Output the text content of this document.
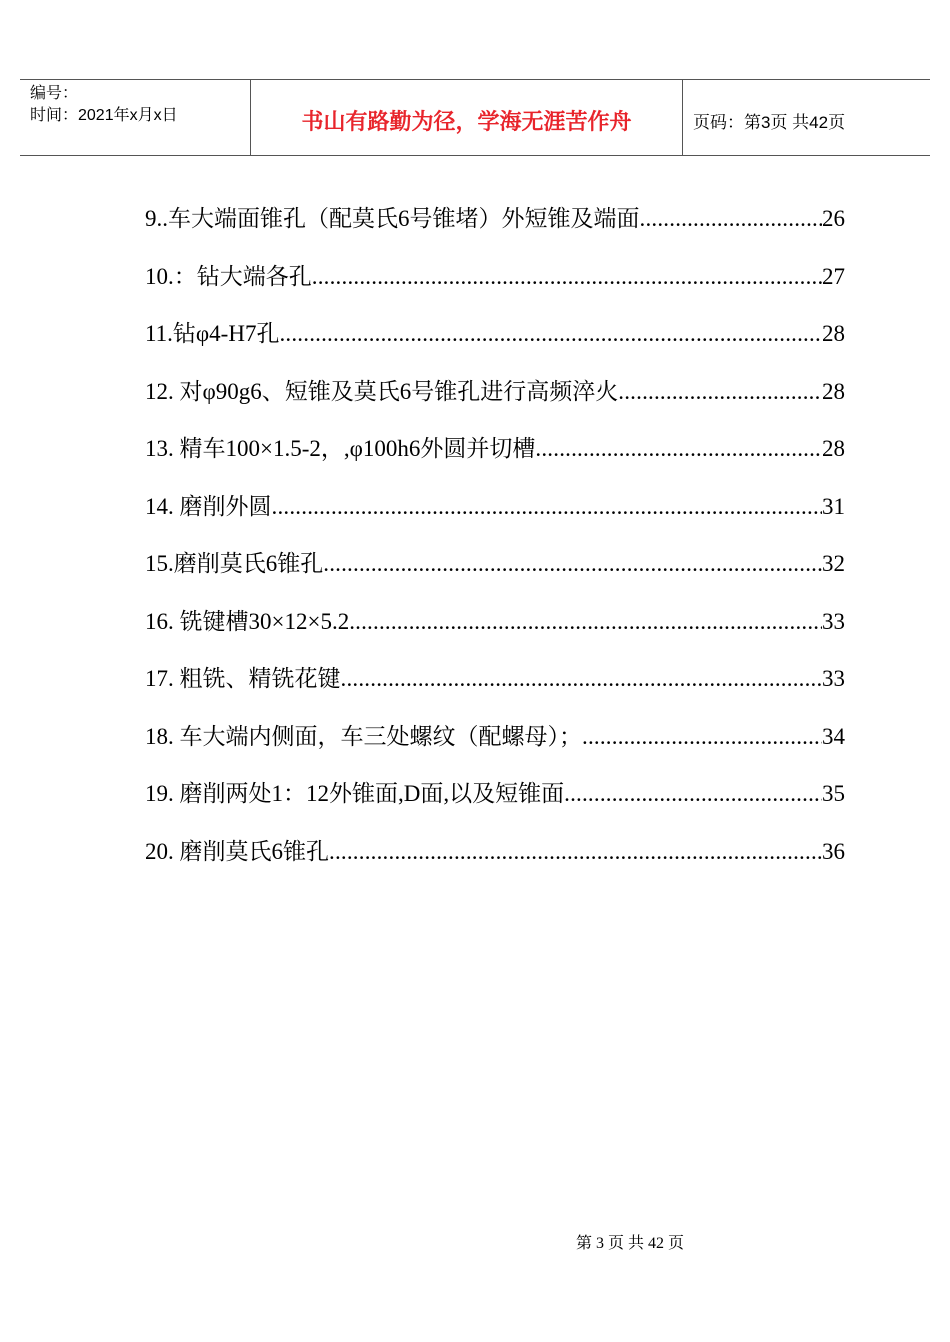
编号：
时间：2021年x月x日	书山有路勤为径，学海无涯苦作舟	页码：第3页 共42页
9..车大端面锥孔（配莫氏6号锥堵）外短锥及端面 .....	26
10.：钻大端各孔 .....	27
11.钻φ4-H7孔 .....	28
12. 对φ90g6、短锥及莫氏6号锥孔进行高频淬火 .....	28
13. 精车100×1.5-2，,φ100h6外圆并切槽 .....	28
14. 磨削外圆 .....	31
15.磨削莫氏6锥孔 .....	32
16. 铣键槽30×12×5.2 .....	33
17. 粗铣、精铣花键 .....	33
18. 车大端内侧面，车三处螺纹（配螺母）； .....	34
19. 磨削两处1：12外锥面,D面,以及短锥面 .....	35
20. 磨削莫氏6锥孔 .....	36
第 3 页 共 42 页
